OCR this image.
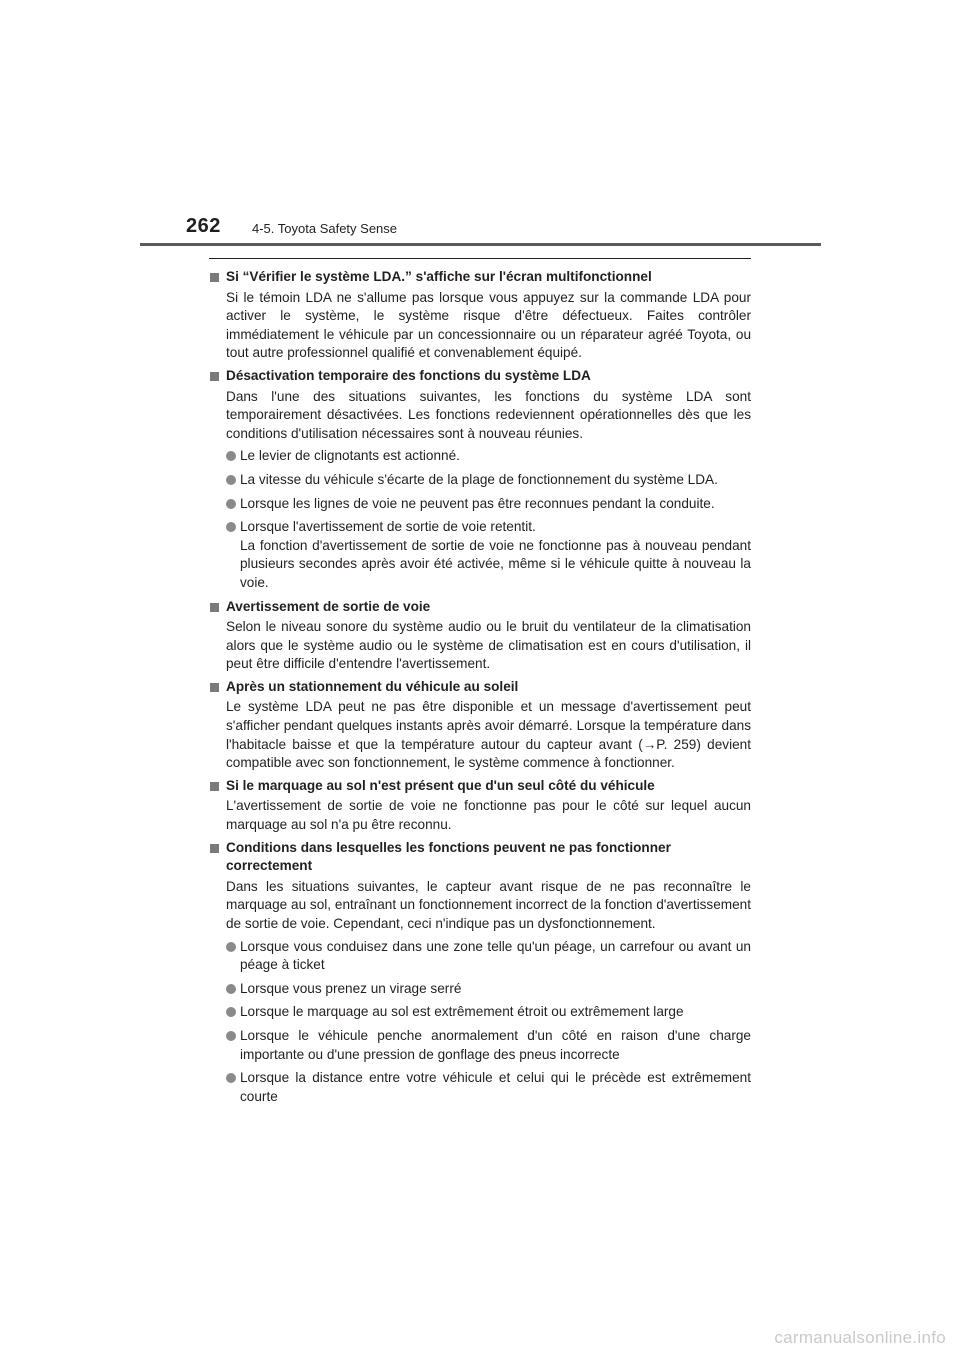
262 4-5. Toyota Safety Sense
Si “Vérifier le système LDA.” s'affiche sur l'écran multifonctionnel
Si le témoin LDA ne s'allume pas lorsque vous appuyez sur la commande LDA pour activer le système, le système risque d'être défectueux. Faites contrôler immédiatement le véhicule par un concessionnaire ou un réparateur agréé Toyota, ou tout autre professionnel qualifié et convenablement équipé.
Désactivation temporaire des fonctions du système LDA
Dans l'une des situations suivantes, les fonctions du système LDA sont temporairement désactivées. Les fonctions redeviennent opérationnelles dès que les conditions d'utilisation nécessaires sont à nouveau réunies.

Le levier de clignotants est actionné.

La vitesse du véhicule s'écarte de la plage de fonctionnement du système LDA.

Lorsque les lignes de voie ne peuvent pas être reconnues pendant la conduite.

Lorsque l'avertissement de sortie de voie retentit.

La fonction d'avertissement de sortie de voie ne fonctionne pas à nouveau pendant plusieurs secondes après avoir été activée, même si le véhicule quitte à nouveau la voie.

Avertissement de sortie de voie
Selon le niveau sonore du système audio ou le bruit du ventilateur de la climatisation alors que le système audio ou le système de climatisation est en cours d'utilisation, il peut être difficile d'entendre l'avertissement.
Après un stationnement du véhicule au soleil
Le système LDA peut ne pas être disponible et un message d'avertissement peut s'afficher pendant quelques instants après avoir démarré. Lorsque la température dans l'habitacle baisse et que la température autour du capteur avant (→P. 259) devient compatible avec son fonctionnement, le système commence à fonctionner.
Si le marquage au sol n'est présent que d'un seul côté du véhicule
L'avertissement de sortie de voie ne fonctionne pas pour le côté sur lequel aucun marquage au sol n'a pu être reconnu.
Conditions dans lesquelles les fonctions peuvent ne pas fonctionner correctement
Dans les situations suivantes, le capteur avant risque de ne pas reconnaître le marquage au sol, entraînant un fonctionnement incorrect de la fonction d'avertissement de sortie de voie. Cependant, ceci n'indique pas un dysfonctionnement.

Lorsque vous conduisez dans une zone telle qu'un péage, un carrefour ou avant un péage à ticket

Lorsque vous prenez un virage serré

Lorsque le marquage au sol est extrêmement étroit ou extrêmement large

Lorsque le véhicule penche anormalement d'un côté en raison d'une charge importante ou d'une pression de gonflage des pneus incorrecte

Lorsque la distance entre votre véhicule et celui qui le précède est extrêmement courte

carmanualsonline.info
